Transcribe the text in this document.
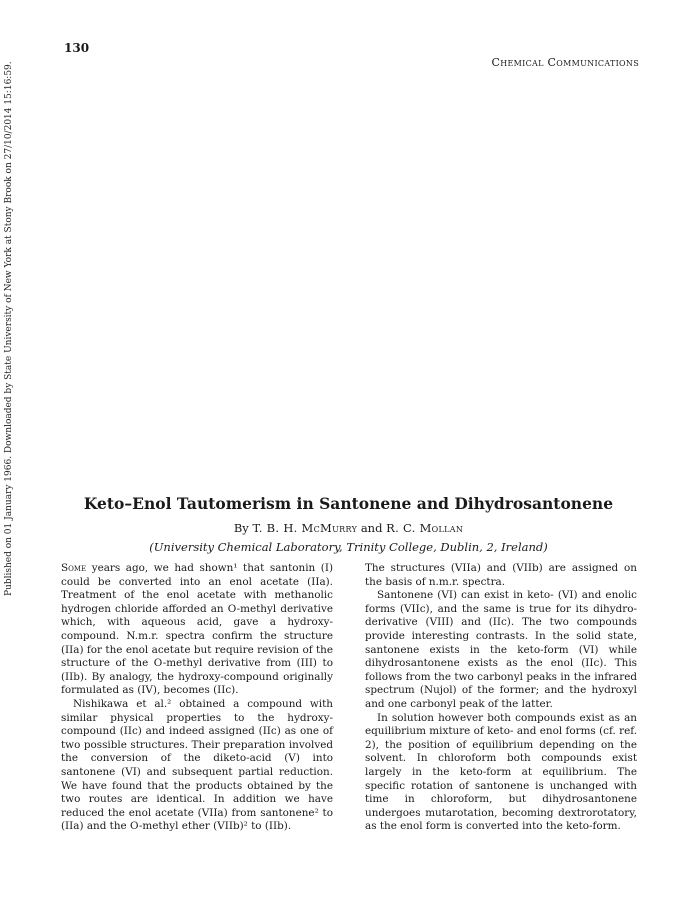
130
Chemical Communications
Published on 01 January 1966. Downloaded by State University of New York at Stony Brook on 27/10/2014 15:16:59.	Keto–Enol Tautomerism in Santonene and Dihydrosantonene
By T. B. H. McMurry and R. C. Mollan
(University Chemical Laboratory, Trinity College, Dublin, 2, Ireland)

Some years ago, we had shown¹ that santonin (I) could be converted into an enol acetate (IIa). Treatment of the enol acetate with methanolic hydrogen chloride afforded an O-methyl derivative which, with aqueous acid, gave a hydroxy-compound. N.m.r. spectra confirm the structure (IIa) for the enol acetate but require revision of the structure of the O-methyl derivative from (III) to (IIb). By analogy, the hydroxy-compound originally formulated as (IV), becomes (IIc).

Nishikawa et al.² obtained a compound with similar physical properties to the hydroxy-compound (IIc) and indeed assigned (IIc) as one of two possible structures. Their preparation involved the conversion of the diketo-acid (V) into santonene (VI) and subsequent partial reduction. We have found that the products obtained by the two routes are identical. In addition we have reduced the enol acetate (VIIa) from santonene² to (IIa) and the O-methyl ether (VIIb)² to (IIb).

The structures (VIIa) and (VIIb) are assigned on the basis of n.m.r. spectra.

Santonene (VI) can exist in keto- (VI) and enolic forms (VIIc), and the same is true for its dihydro-derivative (VIII) and (IIc). The two compounds provide interesting contrasts. In the solid state, santonene exists in the keto-form (VI) while dihydrosantonene exists as the enol (IIc). This follows from the two carbonyl peaks in the infrared spectrum (Nujol) of the former; and the hydroxyl and one carbonyl peak of the latter.

In solution however both compounds exist as an equilibrium mixture of keto- and enol forms (cf. ref. 2), the position of equilibrium depending on the solvent. In chloroform both compounds exist largely in the keto-form at equilibrium. The specific rotation of santonene is unchanged with time in chloroform, but dihydrosantonene undergoes mutarotation, becoming dextrorotatory, as the enol form is converted into the keto-form.
